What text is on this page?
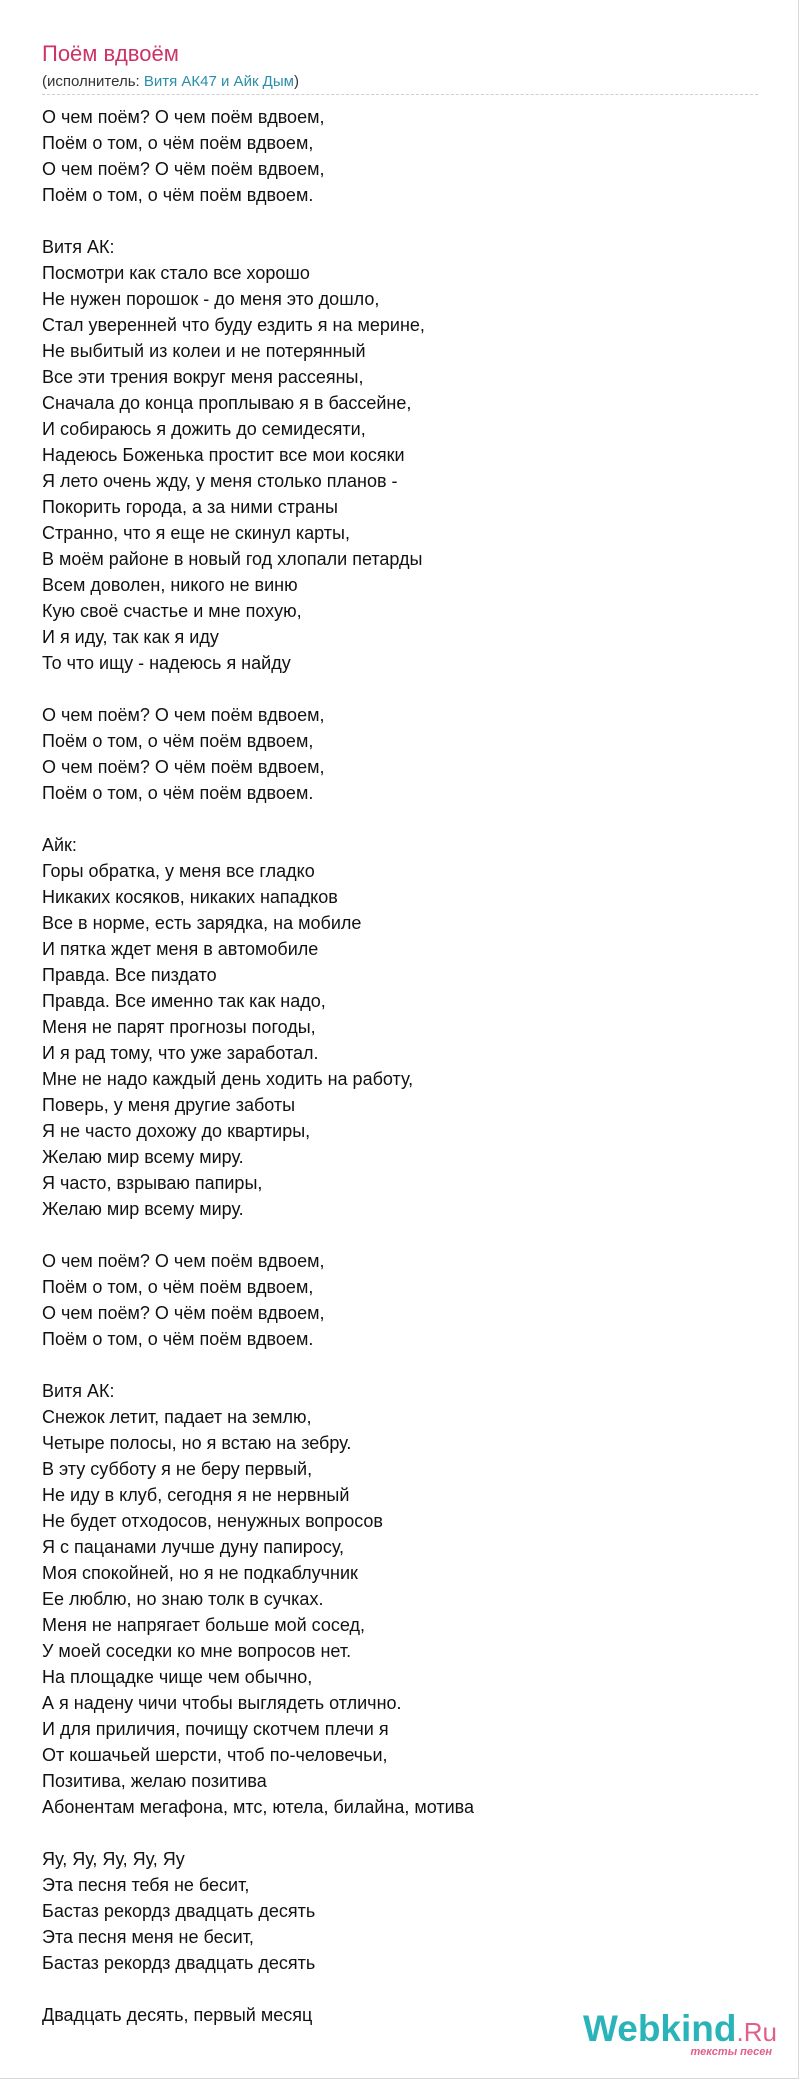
Поём вдвоём
(исполнитель: Витя АК47 и Айк Дым)
О чем поём? О чем поём вдвоем,
Поём о том, о чём поём вдвоем,
О чем поём? О чём поём вдвоем,
Поём о том, о чём поём вдвоем.
Витя АК:
Посмотри как стало все хорошо
Не нужен порошок - до меня это дошло,
Стал уверенней что буду ездить я на мерине,
Не выбитый из колеи и не потерянный
Все эти трения вокруг меня рассеяны,
Сначала до конца проплываю я в бассейне,
И собираюсь я дожить до семидесяти,
Надеюсь Боженька простит все мои косяки
Я лето очень жду, у меня столько планов -
Покорить города, а за ними страны
Странно, что я еще не скинул карты,
В моём районе в новый год хлопали петарды
Всем доволен, никого не виню
Кую своё счастье и мне похую,
И я иду, так как я иду
То что ищу - надеюсь я найду
О чем поём? О чем поём вдвоем,
Поём о том, о чём поём вдвоем,
О чем поём? О чём поём вдвоем,
Поём о том, о чём поём вдвоем.
Айк:
Горы обратка, у меня все гладко
Никаких косяков, никаких нападков
Все в норме, есть зарядка, на мобиле
И пятка ждет меня в автомобиле
Правда. Все пиздато
Правда. Все именно так как надо,
Меня не парят прогнозы погоды,
И я рад тому, что уже заработал.
Мне не надо каждый день ходить на работу,
Поверь, у меня другие заботы
Я не часто дохожу до квартиры,
Желаю мир всему миру.
Я часто, взрываю папиры,
Желаю мир всему миру.
О чем поём? О чем поём вдвоем,
Поём о том, о чём поём вдвоем,
О чем поём? О чём поём вдвоем,
Поём о том, о чём поём вдвоем.
Витя АК:
Снежок летит, падает на землю,
Четыре полосы, но я встаю на зебру.
В эту субботу я не беру первый,
Не иду в клуб, сегодня я не нервный
Не будет отходосов, ненужных вопросов
Я с пацанами лучше дуну папиросу,
Моя спокойней, но я не подкаблучник
Ее люблю, но знаю толк в сучках.
Меня не напрягает больше мой сосед,
У моей соседки ко мне вопросов нет.
На площадке чище чем обычно,
А я надену чичи чтобы выглядеть отлично.
И для приличия, почищу скотчем плечи я
От кошачьей шерсти, чтоб по-человечьи,
Позитива, желаю позитива
Абонентам мегафона, мтс, ютела, билайна, мотива
Яу, Яу, Яу, Яу, Яу
Эта песня тебя не бесит,
Бастаз рекордз двадцать десять
Эта песня меня не бесит,
Бастаз рекордз двадцать десять
Двадцать десять, первый месяц	Webkind.Ru
тексты песен
